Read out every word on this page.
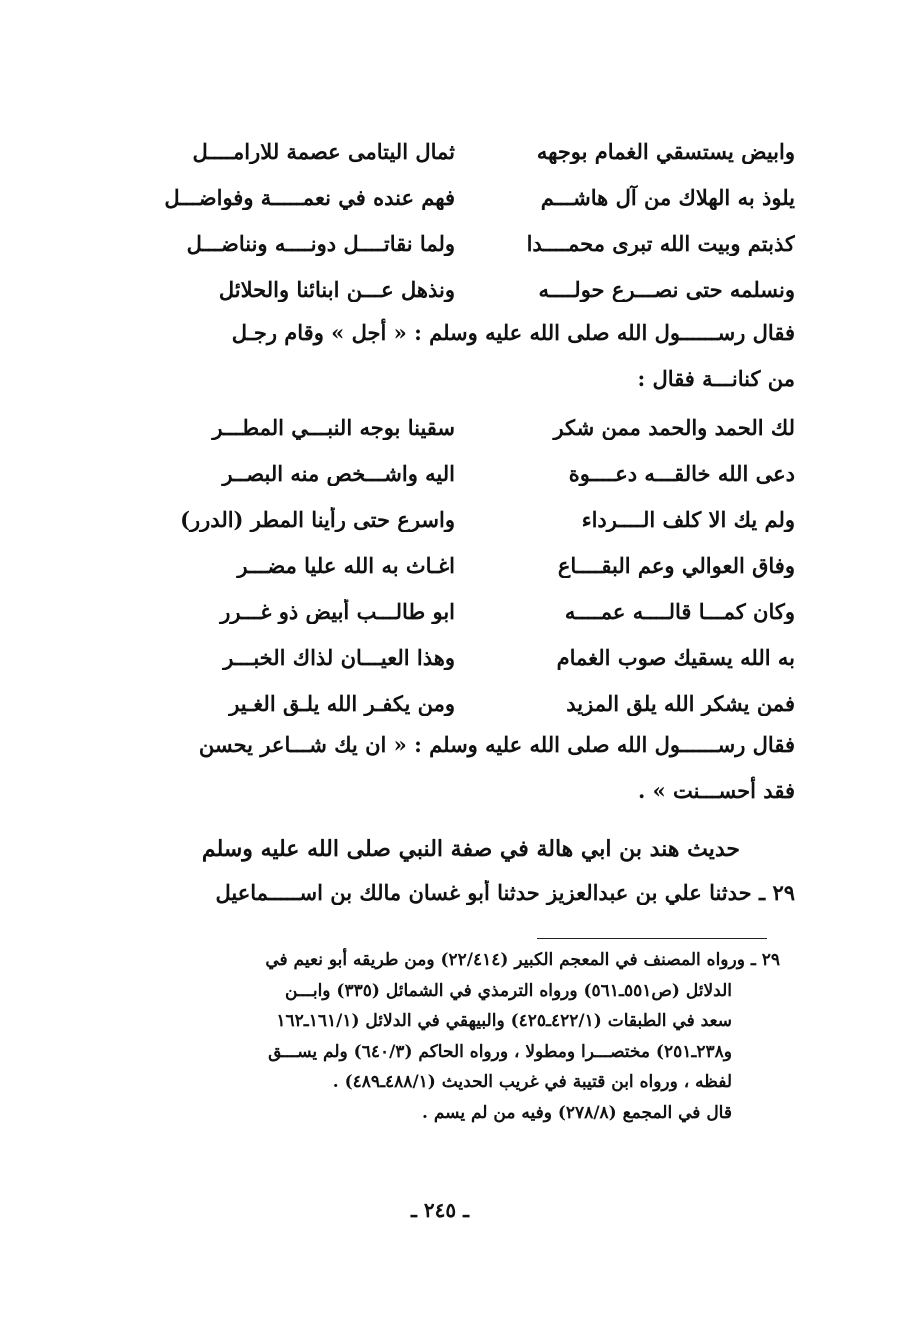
وابيض يستسقي الغمام بوجهه
ثمال اليتامى عصمة للارامــــل
يلوذ به الهلاك من آل هاشـــم
فهم عنده في نعمـــــة وفواضـــل
كذبتم وبيت الله تبرى محمــــدا
ولما نقاتــــل دونــــه ونناضـــل
ونسلمه حتى نصـــرع حولــــه
ونذهل عـــن ابنائنا والحلائل

فقال رســــــول الله صلى الله عليه وسلم : « أجل » وقام رجـل

من كنانـــة فقال :

لك الحمد والحمد ممن شكر
سقينا بوجه النبـــي المطـــر
دعى الله خالقـــه دعــــوة
اليه واشـــخص منه البصــر
ولم يك الا كلف الــــرداء
واسرع حتى رأينا المطر (الدرر)
وفاق العوالي وعم البقــــاع
اغـاث به الله عليا مضـــر
وكان كمـــا قالــــه عمــــه
ابو طالـــب أبيض ذو غـــرر
به الله يسقيك صوب الغمام
وهذا العيـــان لذاك الخبـــر
فمن يشكر الله يلق المزيد
ومن يكفـر الله يلـق الغـير

فقال رســــــول الله صلى الله عليه وسلم : « ان يك شـــاعر يحسن

فقد أحســـنت » .

حديث هند بن ابي هالة في صفة النبي صلى الله عليه وسلم
٢٩ ـ حدثنا علي بن عبدالعزيز حدثنا أبو غسان مالك بن اســـــماعيل

٢٩ ـ ورواه المصنف في المعجم الكبير (٢٢/٤١٤) ومن طريقه أبو نعيم في

الدلائل (ص٥٥١ـ٥٦١) ورواه الترمذي في الشمائل (٣٣٥) وابـــن

سعد في الطبقات (٤٢٢/١ـ٤٢٥) والبيهقي في الدلائل (١٦١/١ـ١٦٢

و٢٣٨ـ٢٥١) مختصـــرا ومطولا ، ورواه الحاكم (٦٤٠/٣) ولم يســـق

لفظه ، ورواه ابن قتيبة في غريب الحديث (٤٨٨/١ـ٤٨٩) .

قال في المجمع (٢٧٨/٨) وفيه من لم يسم .

ـ ٢٤٥ ـ
